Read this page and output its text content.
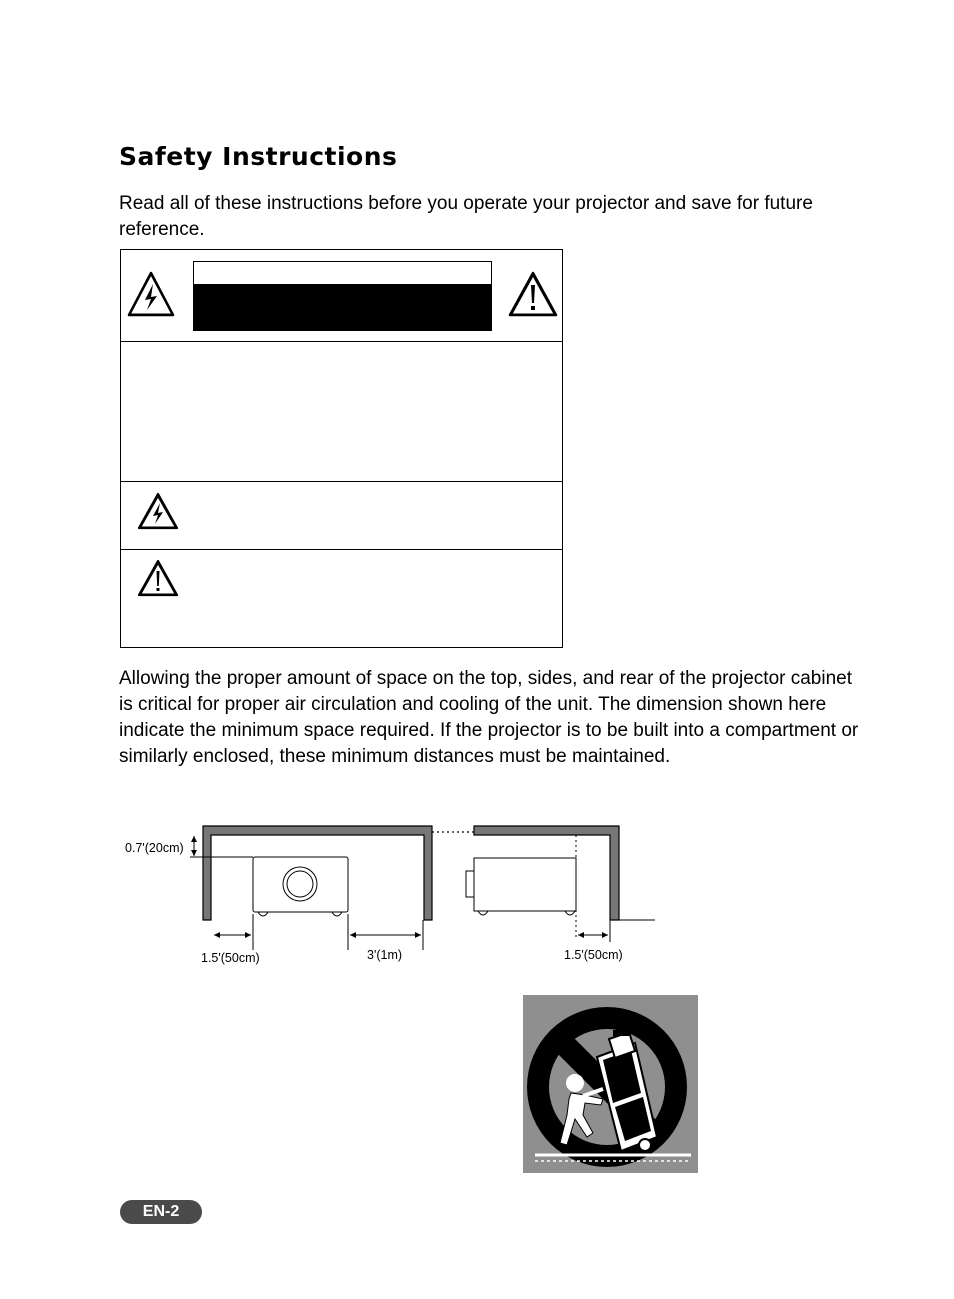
Safety Instructions

Read all of these instructions before you operate your projector and save for future reference.

Allowing the proper amount of space on the top, sides, and rear of the projector cabinet is critical for proper air circulation and cooling of the unit. The dimension shown here indicate the minimum space required. If the projector is to be built into a compartment or similarly enclosed, these minimum distances must be maintained.

0.7'(20cm)
1.5'(50cm)	3'(1m)	1.5'(50cm)
EN-2
